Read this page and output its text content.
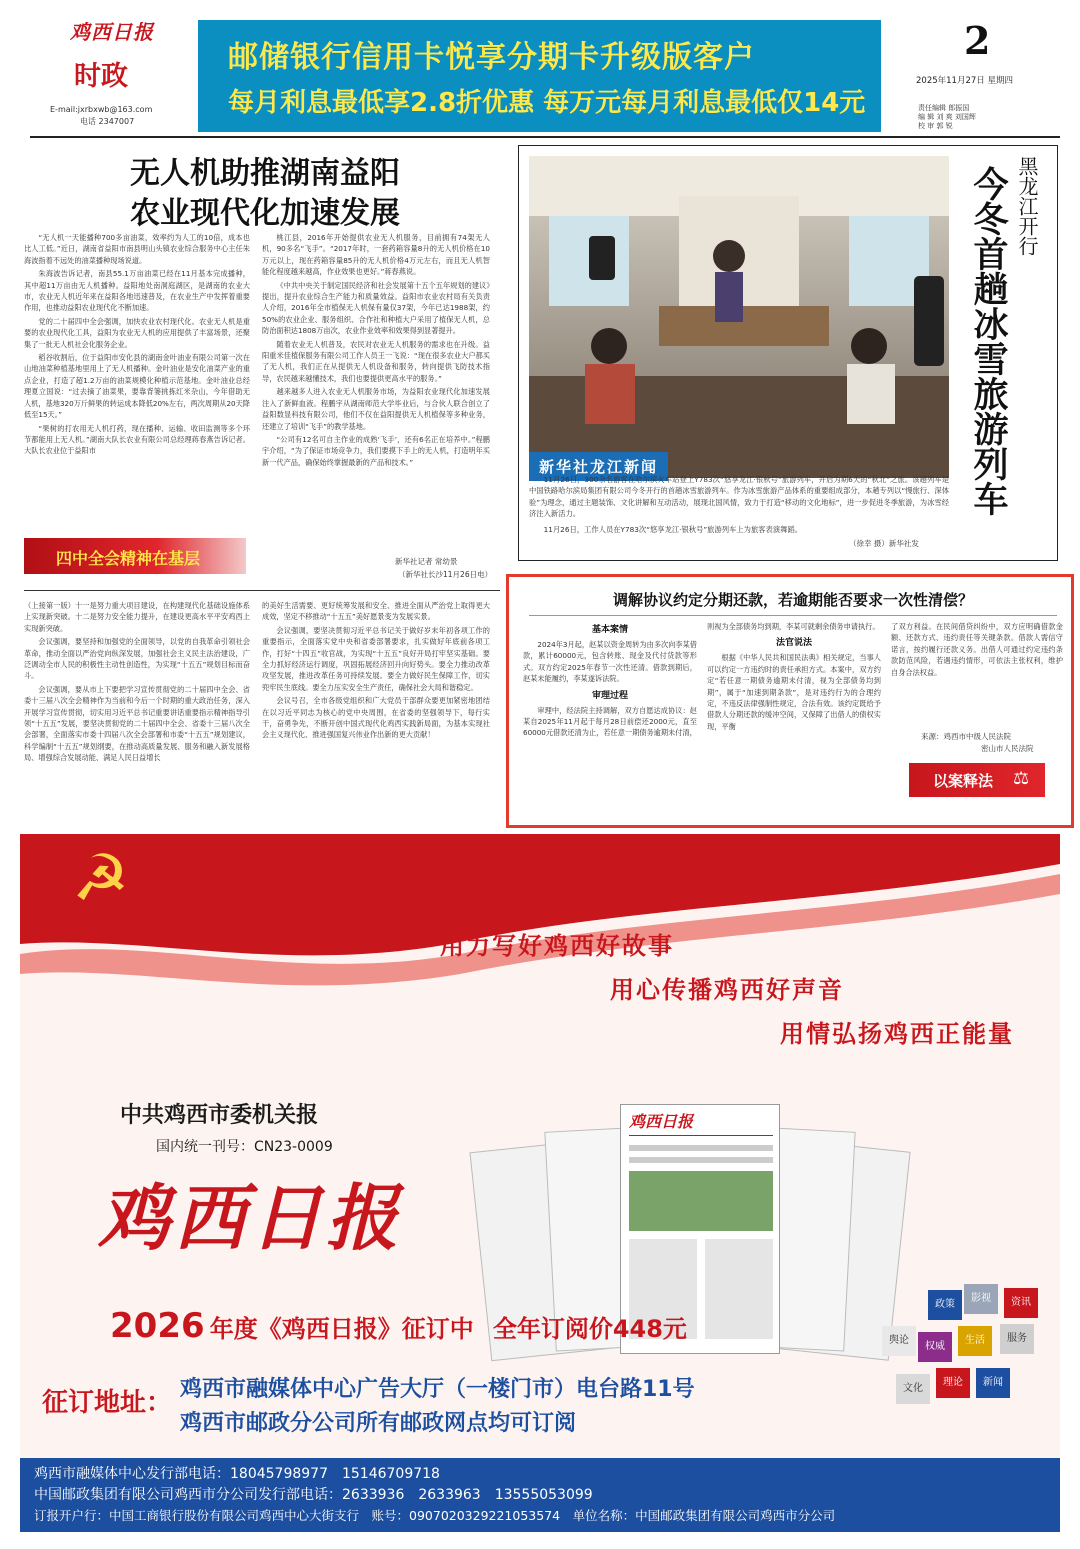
鸡西日报
时政
E-mail:jxrbxwb@163.com
电话 2347007
邮储银行信用卡悦享分期卡升级版客户
每月利息最低享2.8折优惠 每万元每月利息最低仅14元
2
2025年11月27日 星期四
责任编辑 郎振国
编 辑 刘 爽 刘国辉
校 审 郭 锐
无人机助推湖南益阳
农业现代化加速发展

“无人机一天能播种700多亩油菜，效率约为人工的10倍，成本也比人工低。”近日，湖南省益阳市南县明山头镇农业综合服务中心主任朱海波指着不远处的油菜播种现场说道。

朱海波告诉记者，南县55.1万亩油菜已经在11月基本完成播种，其中超11万亩由无人机播种。益阳地处南洞庭湖区，是湖南的农业大市，农业无人机近年来在益阳各地迅速普及，在农业生产中发挥着重要作用，也推动益阳农业现代化不断加速。

党的二十届四中全会强调，加快农业农村现代化。农业无人机是重要的农业现代化工具，益阳为农业无人机的应用提供了丰富场景，还聚集了一批无人机社会化服务企业。

稻谷收割后，位于益阳市安化县的湖南金叶油业有限公司第一次在山地油菜种植基地里用上了无人机播种。金叶油业是安化油菜产业的重点企业，打造了超1.2万亩的油菜规模化种植示范基地。金叶油业总经理夏立国说：“过去摘了油菜果，要靠背篓挑拣红米杂山，今年借助无人机，基地320万斤鲜果的转运成本降低20%左右，两次周期从20天降低至15天。”

“果树的打农用无人机打药，现在播种、运输、收田监测等多个环节都能用上无人机。”湖南大队长农业有限公司总经理蒋春燕告诉记者。大队长农业位于益阳市

桃江县，2016年开始提供农业无人机服务，目前拥有74架无人机，90多名“飞手”。“2017年时，一套药箱容量8升的无人机价格在10万元以上，现在药箱容量85升的无人机价格4万元左右，而且无人机智能化程度越来越高，作业效果也更好。”蒋春燕说。

《中共中央关于制定国民经济和社会发展第十五个五年规划的建议》提出，提升农业综合生产能力和质量效益。益阳市农业农村局有关负责人介绍，2016年全市植保无人机保有量仅37架，今年已达1988架，约50%的农业企业、服务组织、合作社和种植大户采用了植保无人机，总防治面积达1808万亩次，农业作业效率和效果得到显著提升。

随着农业无人机普及，农民对农业无人机服务的需求也在升级。益阳重米佳植保服务有限公司工作人员王一飞说：“现在很多农业大户都买了无人机，我们正在从提供无人机设备和服务，转向提供飞防技术指导，农民越来越懂技术，我们也要提供更高水平的服务。”

越来越多人进入农业无人机服务市场，为益阳农业现代化加速发展注入了新鲜血液。程鹏宇从湖南师范大学毕业后，与合伙人联合创立了益阳数显科技有限公司，他们不仅在益阳提供无人机植保等多种业务，还建立了培训“飞手”的教学基地。

“公司有12名可自主作业的成熟‘飞手’，还有6名正在培养中。”程鹏宇介绍，“为了保证市场竞争力，我们要摸下手上的无人机，打造明年买新一代产品，确保始终掌握最新的产品和技术。”

新华社记者 常幼景
（新华社长沙11月26日电）
四中全会精神在基层
新华社龙江新闻
黑龙江开行
今冬首趟冰雪旅游列车
11月26日，300余名游客在哈尔滨火车站登上Y783次“悠享龙江·银秋号”旅游列车，开启为期6天的“秋北”之旅。该趟列车是中国铁路哈尔滨局集团有限公司今冬开行的首趟冰雪旅游列车。作为冰雪旅游产品体系的重要组成部分，本趟专列以“慢旅行、深体验”为理念，通过主题装饰、文化讲解和互动活动，展现北国风情，致力于打造“移动的文化地标”，进一步促进冬季旅游，为冰雪经济注入新活力。
11月26日，工作人员在Y783次“悠享龙江·银秋号”旅游列车上为旅客表演舞蹈。
（徐幸 摄）新华社发

（上接第一版）十一是努力重大项目建设，在构建现代化基础设施体系上实现新突破。十二是努力安全能力提升，在建设更高水平平安鸡西上实现新突破。

会议强调，要坚持和加强党的全面领导，以党的自我革命引领社会革命，推动全面以严治党向纵深发展，加强社会主义民主法治建设，广泛调动全市人民的积极性主动性创造性，为实现“十五五”规划目标而奋斗。

会议强调，要从市上下要把学习宣传贯彻党的二十届四中全会、省委十三届八次全会精神作为当前和今后一个时期的重大政治任务，深入开展学习宣传贯彻，切实用习近平总书记重要讲话重要指示精神指导引领“十五五”发展，要坚决贯彻党的二十届四中全会、省委十三届八次全会部署，全面落实市委十四届八次全会部署和市委“十五五”规划建议，科学编制“十五五”规划纲要，在推动高质量发展、服务和融入新发展格局、增强综合发展动能、满足人民日益增长

的美好生活需要、更好统筹发展和安全、推进全面从严治党上取得更大成效，坚定不移推动“十五五”美好愿景变为发展实景。

会议强调，要坚决贯彻习近平总书记关于做好岁末年初各项工作的重要指示，全面落实党中央和省委部署要求，扎实做好年底前各项工作，打好“十四五”收官战，为实现“十五五”良好开局打牢坚实基础。要全力抓好经济运行调度，巩固拓展经济回升向好势头。要全力推动改革攻坚发展，推进改革任务可持续发展。要全力做好民生保障工作，切实兜牢民生底线。要全力压实安全生产责任，确保社会大局和谐稳定。

会议号召，全市各级党组织和广大党员干部群众要更加紧密地团结在以习近平同志为核心的党中央周围，在省委的坚强领导下，每行实干，奋勇争先，不断开创中国式现代化鸡西实践新局面，为基本实现社会主义现代化、推进强国复兴伟业作出新的更大贡献！

调解协议约定分期还款，若逾期能否要求一次性清偿？
基本案情

2024年3月起，赵某以资金周转为由多次向李某借款，累计60000元，包含转账、现金及代付货款等形式。双方约定2025年春节一次性还清。借款到期后，赵某未能履约，李某遂诉法院。

审理过程

审理中，经法院主持调解，双方自愿达成协议：赵某自2025年11月起于每月28日前偿还2000元，直至60000元借款还清为止，若任意一期债务逾期未付清，

则视为全部债务均到期，李某可就剩余债务申请执行。

法官说法

根据《中华人民共和国民法典》相关规定，当事人可以约定一方违约时的责任承担方式。本案中，双方约定“若任意一期债务逾期未付清，视为全部债务均到期”，属于“加速到期条款”，是对违约行为的合理约定，不违反法律强制性规定，合法有效。该约定既给予借款人分期还款的缓冲空间，又保障了出借人的债权实现，平衡

了双方利益。在民间借贷纠纷中，双方应明确借款金额、还款方式、违约责任等关键条款。借款人需信守诺言，按约履行还款义务。出借人可通过约定违约条款防范风险，若遇违约情形，可依法主张权利，维护自身合法权益。

来源：鸡西市中级人民法院
密山市人民法院
以案释法 ⚖
☭
用力写好鸡西好故事
用心传播鸡西好声音
用情弘扬鸡西正能量
中共鸡西市委机关报
国内统一刊号：CN23-0009
鸡西日报
鸡西日报
2026 年度《鸡西日报》征订中 全年订阅价448元
征订地址： 鸡西市融媒体中心广告大厅（一楼门市）电台路11号
鸡西市邮政分公司所有邮政网点均可订阅
政策
影视
舆论
权威
生活
理论	新闻
服务
文化
资讯
鸡西市融媒体中心发行部电话：18045798977　15146709718
中国邮政集团有限公司鸡西市分公司发行部电话：2633936　2633963　13555053099
订报开户行：中国工商银行股份有限公司鸡西中心大街支行　账号：0907020329221053574　单位名称：中国邮政集团有限公司鸡西市分公司
